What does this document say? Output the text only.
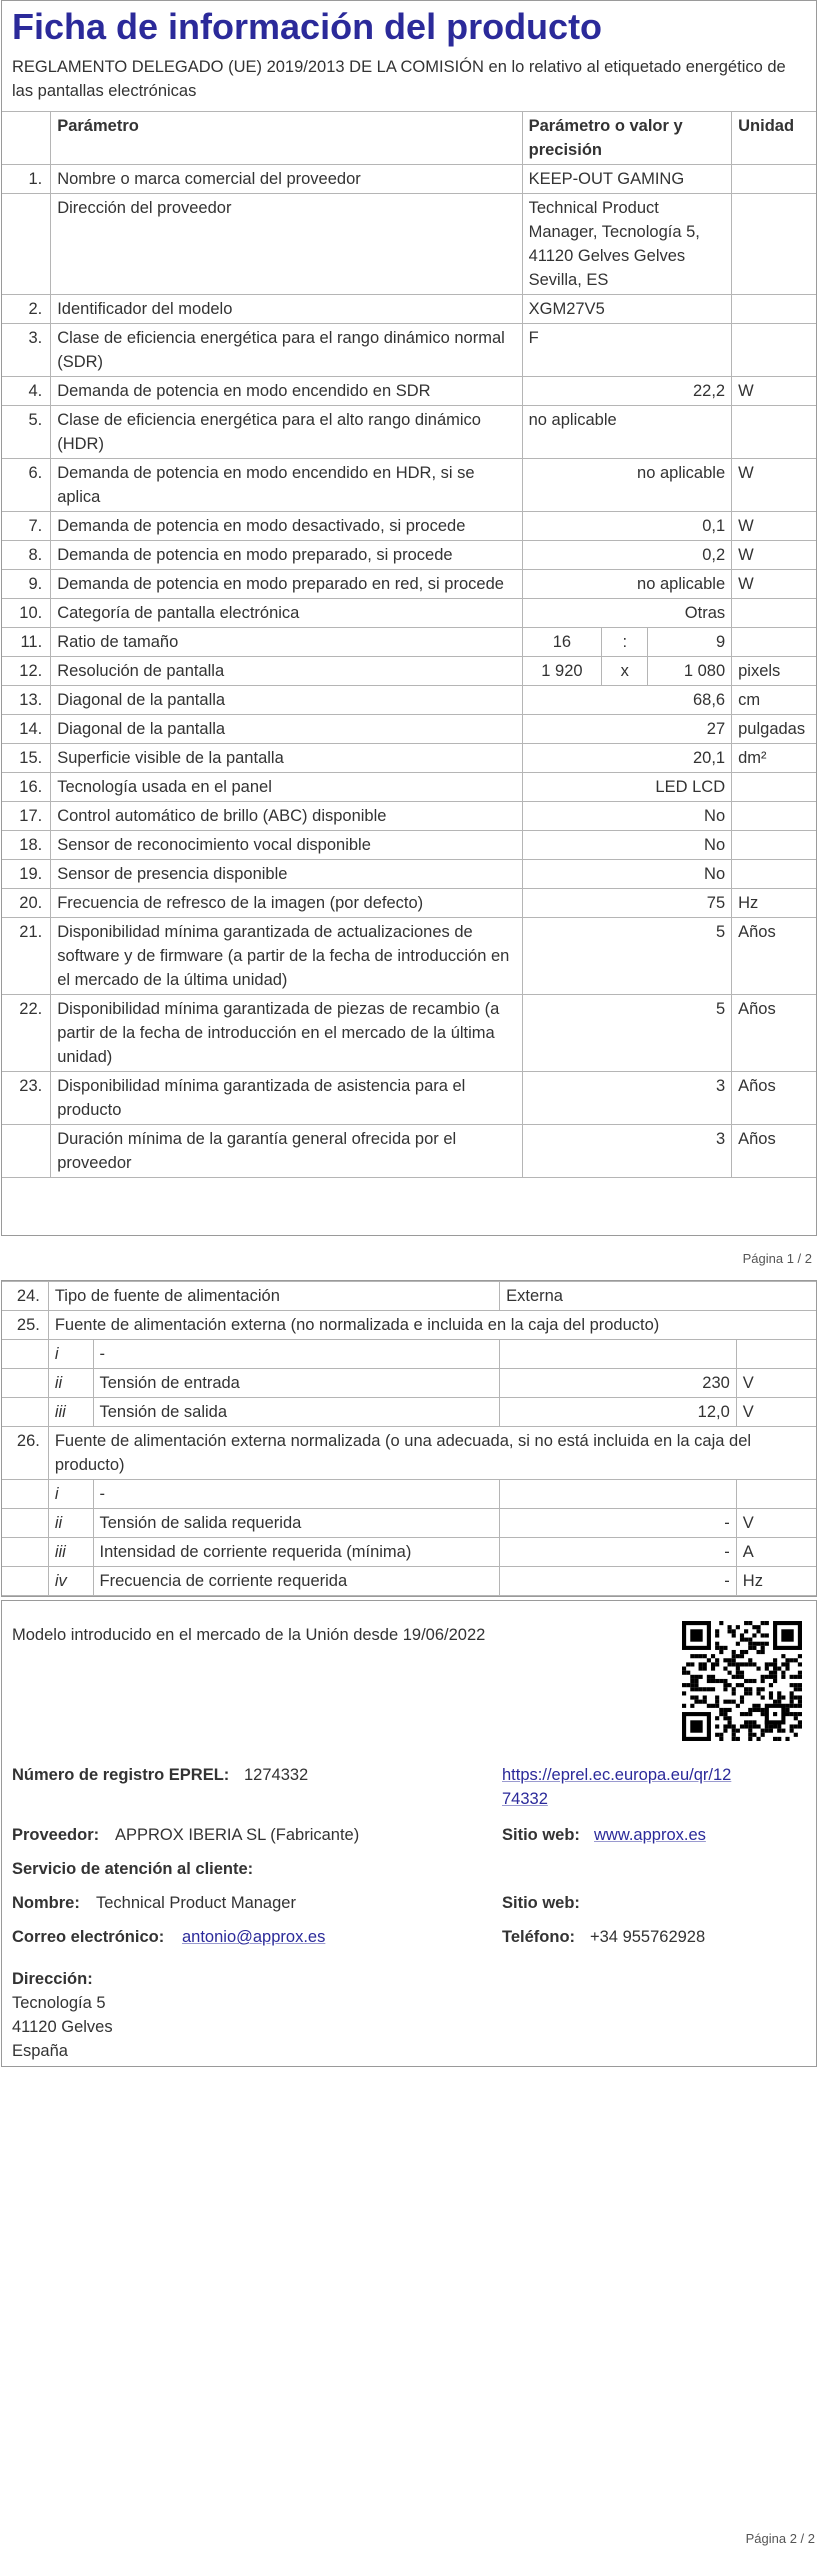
Ficha de información del producto
REGLAMENTO DELEGADO (UE) 2019/2013 DE LA COMISIÓN en lo relativo al etiquetado energético de las pantallas electrónicas
	Parámetro	Parámetro o valor y precisión			Unidad
1.	Nombre o marca comercial del proveedor	KEEP-OUT GAMING			
	Dirección del proveedor	Technical Product Manager, Tecnología 5, 41120 Gelves Gelves Sevilla, ES			
2.	Identificador del modelo	XGM27V5			
3.	Clase de eficiencia energética para el rango dinámico normal (SDR)	F			
4.	Demanda de potencia en modo encendido en SDR	22,2			W
5.	Clase de eficiencia energética para el alto rango dinámico (HDR)	no aplicable			
6.	Demanda de potencia en modo encendido en HDR, si se aplica	no aplicable			W
7.	Demanda de potencia en modo desactivado, si procede	0,1			W
8.	Demanda de potencia en modo preparado, si procede	0,2			W
9.	Demanda de potencia en modo preparado en red, si procede	no aplicable			W
10.	Categoría de pantalla electrónica	Otras			
11.	Ratio de tamaño	16	:	9	
12.	Resolución de pantalla	1 920	x	1 080	pixels
13.	Diagonal de la pantalla	68,6			cm
14.	Diagonal de la pantalla	27			pulgadas
15.	Superficie visible de la pantalla	20,1			dm²
16.	Tecnología usada en el panel	LED LCD			
17.	Control automático de brillo (ABC) disponible	No			
18.	Sensor de reconocimiento vocal disponible	No			
19.	Sensor de presencia disponible	No			
20.	Frecuencia de refresco de la imagen (por defecto)	75			Hz
21.	Disponibilidad mínima garantizada de actualizaciones de software y de firmware (a partir de la fecha de introducción en el mercado de la última unidad)	5			Años
22.	Disponibilidad mínima garantizada de piezas de recambio (a partir de la fecha de introducción en el mercado de la última unidad)	5			Años
23.	Disponibilidad mínima garantizada de asistencia para el producto	3			Años
	Duración mínima de la garantía general ofrecida por el proveedor	3			Años
Página 1 / 2
24.	Tipo de fuente de alimentación		Externa	
25.	Fuente de alimentación externa (no normalizada e incluida en la caja del producto)			
	i	-		
	ii	Tensión de entrada	230	V
	iii	Tensión de salida	12,0	V
26.	Fuente de alimentación externa normalizada (o una adecuada, si no está incluida en la caja del producto)			
	i	-		
	ii	Tensión de salida requerida	-	V
	iii	Intensidad de corriente requerida (mínima)	-	A
	iv	Frecuencia de corriente requerida	-	Hz
Modelo introducido en el mercado de la Unión desde 19/06/2022
Número de registro EPREL: 1274332	https://eprel.ec.europa.eu/qr/12
74332
Proveedor: APPROX IBERIA SL (Fabricante)	Sitio web: www.approx.es
Servicio de atención al cliente:
Nombre: Technical Product Manager	Sitio web:
Correo electrónico: antonio@approx.es	Teléfono: +34 955762928
Dirección:
Tecnología 5
41120 Gelves
España
Página 2 / 2
